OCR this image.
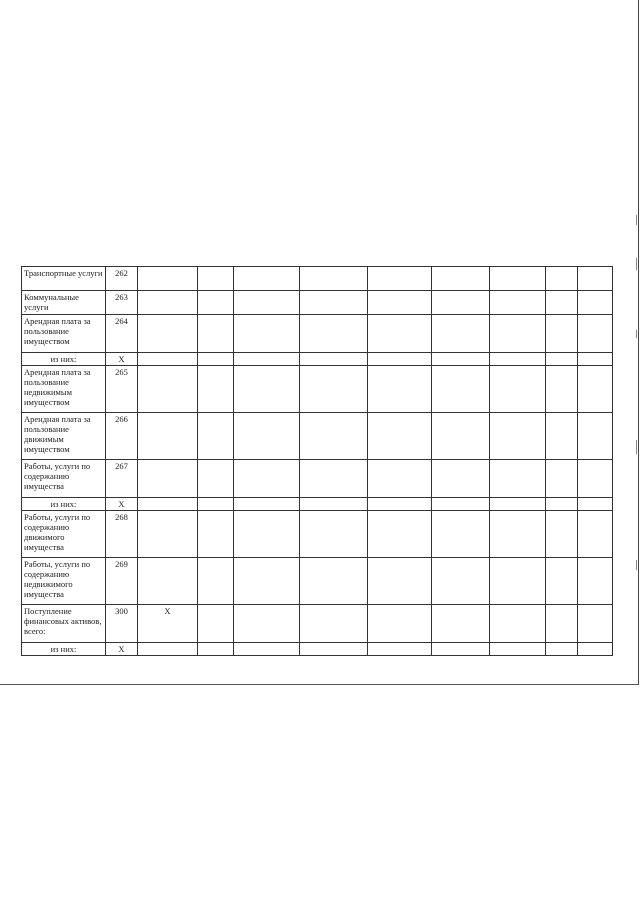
Транспортные услуги	262									
Коммунальные услуги	263									
Арендная плата за пользование имуществом	264									
из них:	X									
Арендная плата за пользование недвижимым имуществом	265									
Арендная плата за пользование движимым имуществом	266									
Работы, услуги по содержанию имущества	267									
из них:	X									
Работы, услуги по содержанию движимого имущества	268									
Работы, услуги по содержанию недвижимого имущества	269									
Поступление финансовых активов, всего:	300	X								
из них:	X									
